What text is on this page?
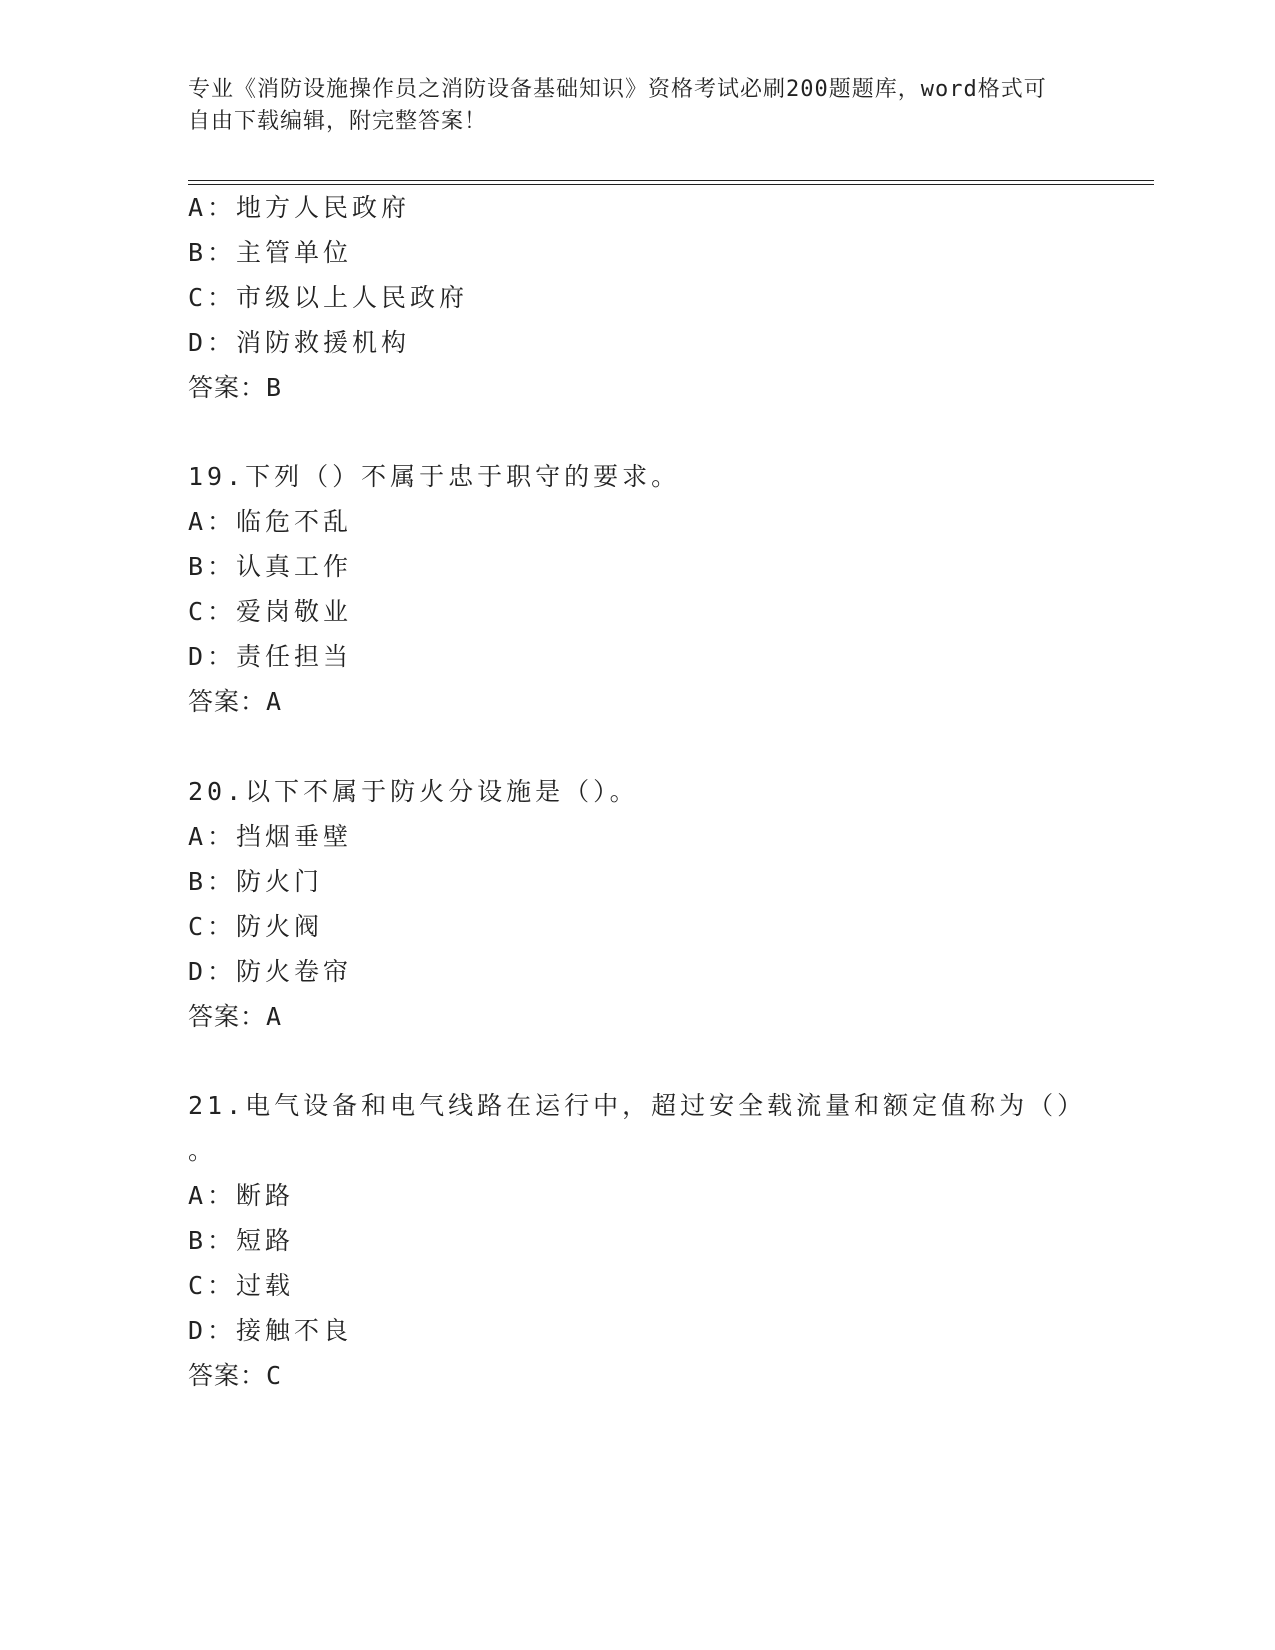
专业《消防设施操作员之消防设备基础知识》资格考试必刷200题题库，word格式可自由下载编辑，附完整答案！
A：地方人民政府
B：主管单位
C：市级以上人民政府
D：消防救援机构
答案：B
19.下列（）不属于忠于职守的要求。
A：临危不乱
B：认真工作
C：爱岗敬业
D：责任担当
答案：A
20.以下不属于防火分设施是（）。
A：挡烟垂壁
B：防火门
C：防火阀
D：防火卷帘
答案：A
21.电气设备和电气线路在运行中，超过安全载流量和额定值称为（）
。
A：断路
B：短路
C：过载
D：接触不良
答案：C
